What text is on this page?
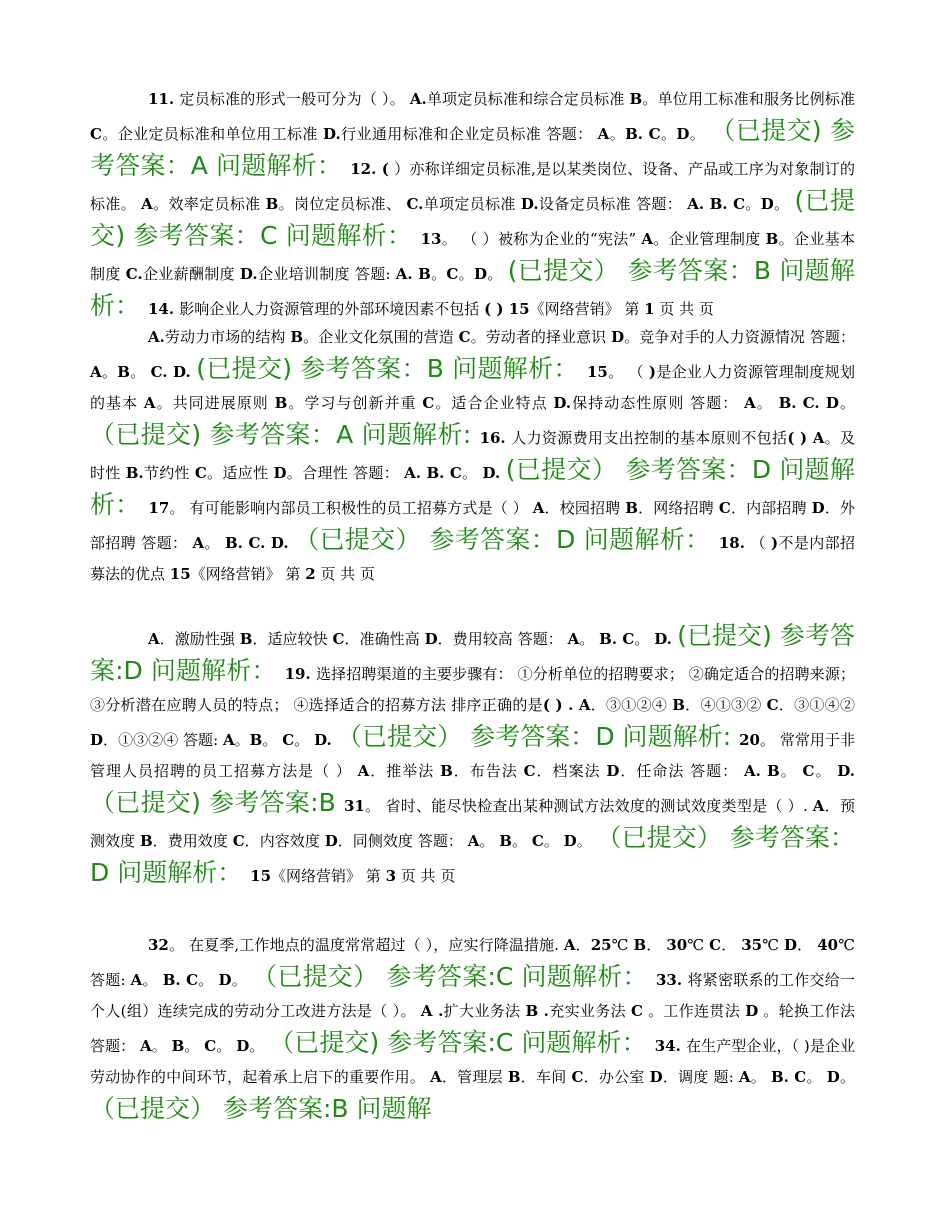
11. 定员标准的形式一般可分为（ ）。 A.单项定员标准和综合定员标准 B。单位用工标准和服务比例标准 C。企业定员标准和单位用工标准 D.行业通用标准和企业定员标准 答题： A。B. C。D。 （已提交) 参考答案：A 问题解析： 12. ( ）亦称详细定员标准,是以某类岗位、设备、产品或工序为对象制订的标准。 A。效率定员标准 B。岗位定员标准、 C.单项定员标准 D.设备定员标准 答题： A. B. C。D。 (已提交) 参考答案：C 问题解析： 13。 （ ）被称为企业的“宪法” A。企业管理制度 B。企业基本制度 C.企业薪酬制度 D.企业培训制度 答题: A. B。C。D。 (已提交） 参考答案：B 问题解析： 14. 影响企业人力资源管理的外部环境因素不包括 ( ) 15《网络营销》 第 1 页 共 页
A.劳动力市场的结构 B。企业文化氛围的营造 C。劳动者的择业意识 D。竞争对手的人力资源情况 答题： A。B。 C. D. (已提交) 参考答案：B 问题解析： 15。 （ )是企业人力资源管理制度规划的基本 A。共同进展原则 B。学习与创新并重 C。适合企业特点 D.保持动态性原则 答题： A。 B. C. D。 （已提交) 参考答案：A 问题解析: 16. 人力资源费用支出控制的基本原则不包括( ) A。及时性 B.节约性 C。适应性 D。合理性 答题： A. B. C。 D. (已提交） 参考答案：D 问题解析： 17。 有可能影响内部员工积极性的员工招募方式是（ ） A．校园招聘 B．网络招聘 C．内部招聘 D．外部招聘 答题： A。 B. C. D. （已提交） 参考答案：D 问题解析： 18. （ )不是内部招募法的优点 15《网络营销》 第 2 页 共 页
A．激励性强 B．适应较快 C．准确性高 D．费用较高 答题： A。 B. C。 D. (已提交) 参考答案:D 问题解析： 19. 选择招聘渠道的主要步骤有： ①分析单位的招聘要求； ②确定适合的招聘来源； ③分析潜在应聘人员的特点； ④选择适合的招募方法 排序正确的是( ) . A．③①②④ B．④①③② C．③①④② D．①③②④ 答题: A。B。 C。 D. （已提交） 参考答案：D 问题解析: 20。 常常用于非管理人员招聘的员工招募方法是（ ） A．推举法 B．布告法 C．档案法 D．任命法 答题： A. B。 C。 D. （已提交) 参考答案:B 31。 省时、能尽快检查出某种测试方法效度的测试效度类型是（ ）. A．预测效度 B．费用效度 C．内容效度 D．同侧效度 答题： A。 B。 C。 D。 （已提交） 参考答案：D 问题解析： 15《网络营销》 第 3 页 共 页
32。 在夏季,工作地点的温度常常超过（ ），应实行降温措施. A．25℃ B． 30℃ C． 35℃ D． 40℃ 答题: A。 B. C。 D。 （已提交） 参考答案:C 问题解析： 33. 将紧密联系的工作交给一个人(组）连续完成的劳动分工改进方法是（ ）。 A .扩大业务法 B .充实业务法 C 。工作连贯法 D 。轮换工作法 答题： A。 B。 C。 D。 （已提交) 参考答案:C 问题解析： 34. 在生产型企业，（ )是企业劳动协作的中间环节，起着承上启下的重要作用。 A．管理层 B．车间 C．办公室 D．调度 题: A。 B. C。 D。 （已提交） 参考答案:B 问题解
